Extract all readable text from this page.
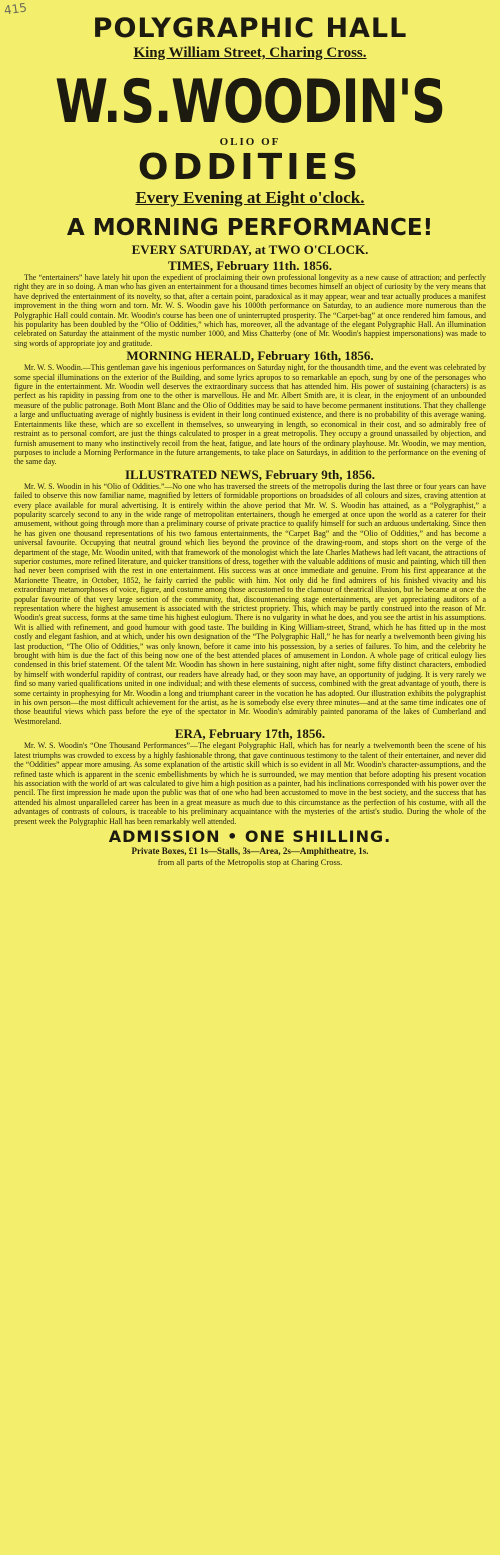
415
POLYGRAPHIC HALL
King William Street, Charing Cross.
W.S.WOODIN'S
OLIO OF
ODDITIES
Every Evening at Eight o'clock.
A MORNING PERFORMANCE!
EVERY SATURDAY, at TWO O'CLOCK.
TIMES, February 11th. 1856.

The “entertainers” have lately hit upon the expedient of proclaiming their own professional longevity as a new cause of attraction; and perfectly right they are in so doing. A man who has given an entertainment for a thousand times becomes himself an object of curiosity by the very means that have deprived the entertainment of its novelty, so that, after a certain point, paradoxical as it may appear, wear and tear actually produces a manifest improvement in the thing worn and torn. Mr. W. S. Woodin gave his 1000th performance on Saturday, to an audience more numerous than the Polygraphic Hall could contain. Mr. Woodin's course has been one of uninterrupted prosperity. The “Carpet-bag” at once rendered him famous, and his popularity has been doubled by the “Olio of Oddities,” which has, moreover, all the advantage of the elegant Polygraphic Hall. An illumination celebrated on Saturday the attainment of the mystic number 1000, and Miss Chatterby (one of Mr. Woodin's happiest impersonations) was made to sing words of appropriate joy and gratitude.

MORNING HERALD, February 16th, 1856.

Mr. W. S. Woodin.—This gentleman gave his ingenious performances on Saturday night, for the thousandth time, and the event was celebrated by some special illuminations on the exterior of the Building, and some lyrics apropos to so remarkable an epoch, sung by one of the personages who figure in the entertainment. Mr. Woodin well deserves the extraordinary success that has attended him. His power of sustaining (characters) is as perfect as his rapidity in passing from one to the other is marvellous. He and Mr. Albert Smith are, it is clear, in the enjoyment of an unbounded measure of the public patronage. Both Mont Blanc and the Olio of Oddities may be said to have become permanent institutions. That they challenge a large and unfluctuating average of nightly business is evident in their long continued existence, and there is no probability of this average waning. Entertainments like these, which are so excellent in themselves, so unwearying in length, so economical in their cost, and so admirably free of restraint as to personal comfort, are just the things calculated to prosper in a great metropolis. They occupy a ground unassailed by objection, and furnish amusement to many who instinctively recoil from the heat, fatigue, and late hours of the ordinary playhouse. Mr. Woodin, we may mention, purposes to include a Morning Performance in the future arrangements, to take place on Saturdays, in addition to the performance on the evening of the same day.

ILLUSTRATED NEWS, February 9th, 1856.

Mr. W. S. Woodin in his “Olio of Oddities.”—No one who has traversed the streets of the metropolis during the last three or four years can have failed to observe this now familiar name, magnified by letters of formidable proportions on broadsides of all colours and sizes, craving attention at every place available for mural advertising. It is entirely within the above period that Mr. W. S. Woodin has attained, as a “Polygraphist,” a popularity scarcely second to any in the wide range of metropolitan entertainers, though he emerged at once upon the world as a caterer for their amusement, without going through more than a preliminary course of private practice to qualify himself for such an arduous undertaking. Since then he has given one thousand representations of his two famous entertainments, the “Carpet Bag” and the “Olio of Oddities,” and has become a universal favourite. Occupying that neutral ground which lies beyond the province of the drawing-room, and stops short on the verge of the department of the stage, Mr. Woodin united, with that framework of the monologist which the late Charles Mathews had left vacant, the attractions of superior costumes, more refined literature, and quicker transitions of dress, together with the valuable additions of music and painting, which till then had never been comprised with the rest in one entertainment. His success was at once immediate and genuine. From his first appearance at the Marionette Theatre, in October, 1852, he fairly carried the public with him. Not only did he find admirers of his finished vivacity and his extraordinary metamorphoses of voice, figure, and costume among those accustomed to the clamour of theatrical illusion, but he became at once the popular favourite of that very large section of the community, that, discountenancing stage entertainments, are yet appreciating auditors of a representation where the highest amusement is associated with the strictest propriety. This, which may be partly construed into the reason of Mr. Woodin's great success, forms at the same time his highest eulogium. There is no vulgarity in what he does, and you see the artist in his assumptions. Wit is allied with refinement, and good humour with good taste. The building in King William-street, Strand, which he has fitted up in the most costly and elegant fashion, and at which, under his own designation of the “The Polygraphic Hall,” he has for nearly a twelvemonth been giving his last production, “The Olio of Oddities,” was only known, before it came into his possession, by a series of failures. To him, and the celebrity he brought with him is due the fact of this being now one of the best attended places of amusement in London. A whole page of critical eulogy lies condensed in this brief statement. Of the talent Mr. Woodin has shown in here sustaining, night after night, some fifty distinct characters, embodied by himself with wonderful rapidity of contrast, our readers have already had, or they soon may have, an opportunity of judging. It is very rarely we find so many varied qualifications united in one individual; and with these elements of success, combined with the great advantage of youth, there is some certainty in prophesying for Mr. Woodin a long and triumphant career in the vocation he has adopted. Our illustration exhibits the polygraphist in his own person—the most difficult achievement for the artist, as he is somebody else every three minutes—and at the same time indicates one of those beautiful views which pass before the eye of the spectator in Mr. Woodin's admirably painted panorama of the lakes of Cumberland and Westmoreland.

ERA, February 17th, 1856.

Mr. W. S. Woodin's “One Thousand Performances”—The elegant Polygraphic Hall, which has for nearly a twelvemonth been the scene of his latest triumphs was crowded to excess by a highly fashionable throng, that gave continuous testimony to the talent of their entertainer, and never did the “Oddities” appear more amusing. As some explanation of the artistic skill which is so evident in all Mr. Woodin's character-assumptions, and the refined taste which is apparent in the scenic embellishments by which he is surrounded, we may mention that before adopting his present vocation his association with the world of art was calculated to give him a high position as a painter, had his inclinations corresponded with his power over the pencil. The first impression he made upon the public was that of one who had been accustomed to move in the best society, and the success that has attended his almost unparalleled career has been in a great measure as much due to this circumstance as the perfection of his costume, with all the advantages of contrasts of colours, is traceable to his preliminary acquaintance with the mysteries of the artist's studio. During the whole of the present week the Polygraphic Hall has been remarkably well attended.

ADMISSION • ONE SHILLING.
Private Boxes, £1 1s—Stalls, 3s—Area, 2s—Amphitheatre, 1s.
from all parts of the Metropolis stop at Charing Cross.
